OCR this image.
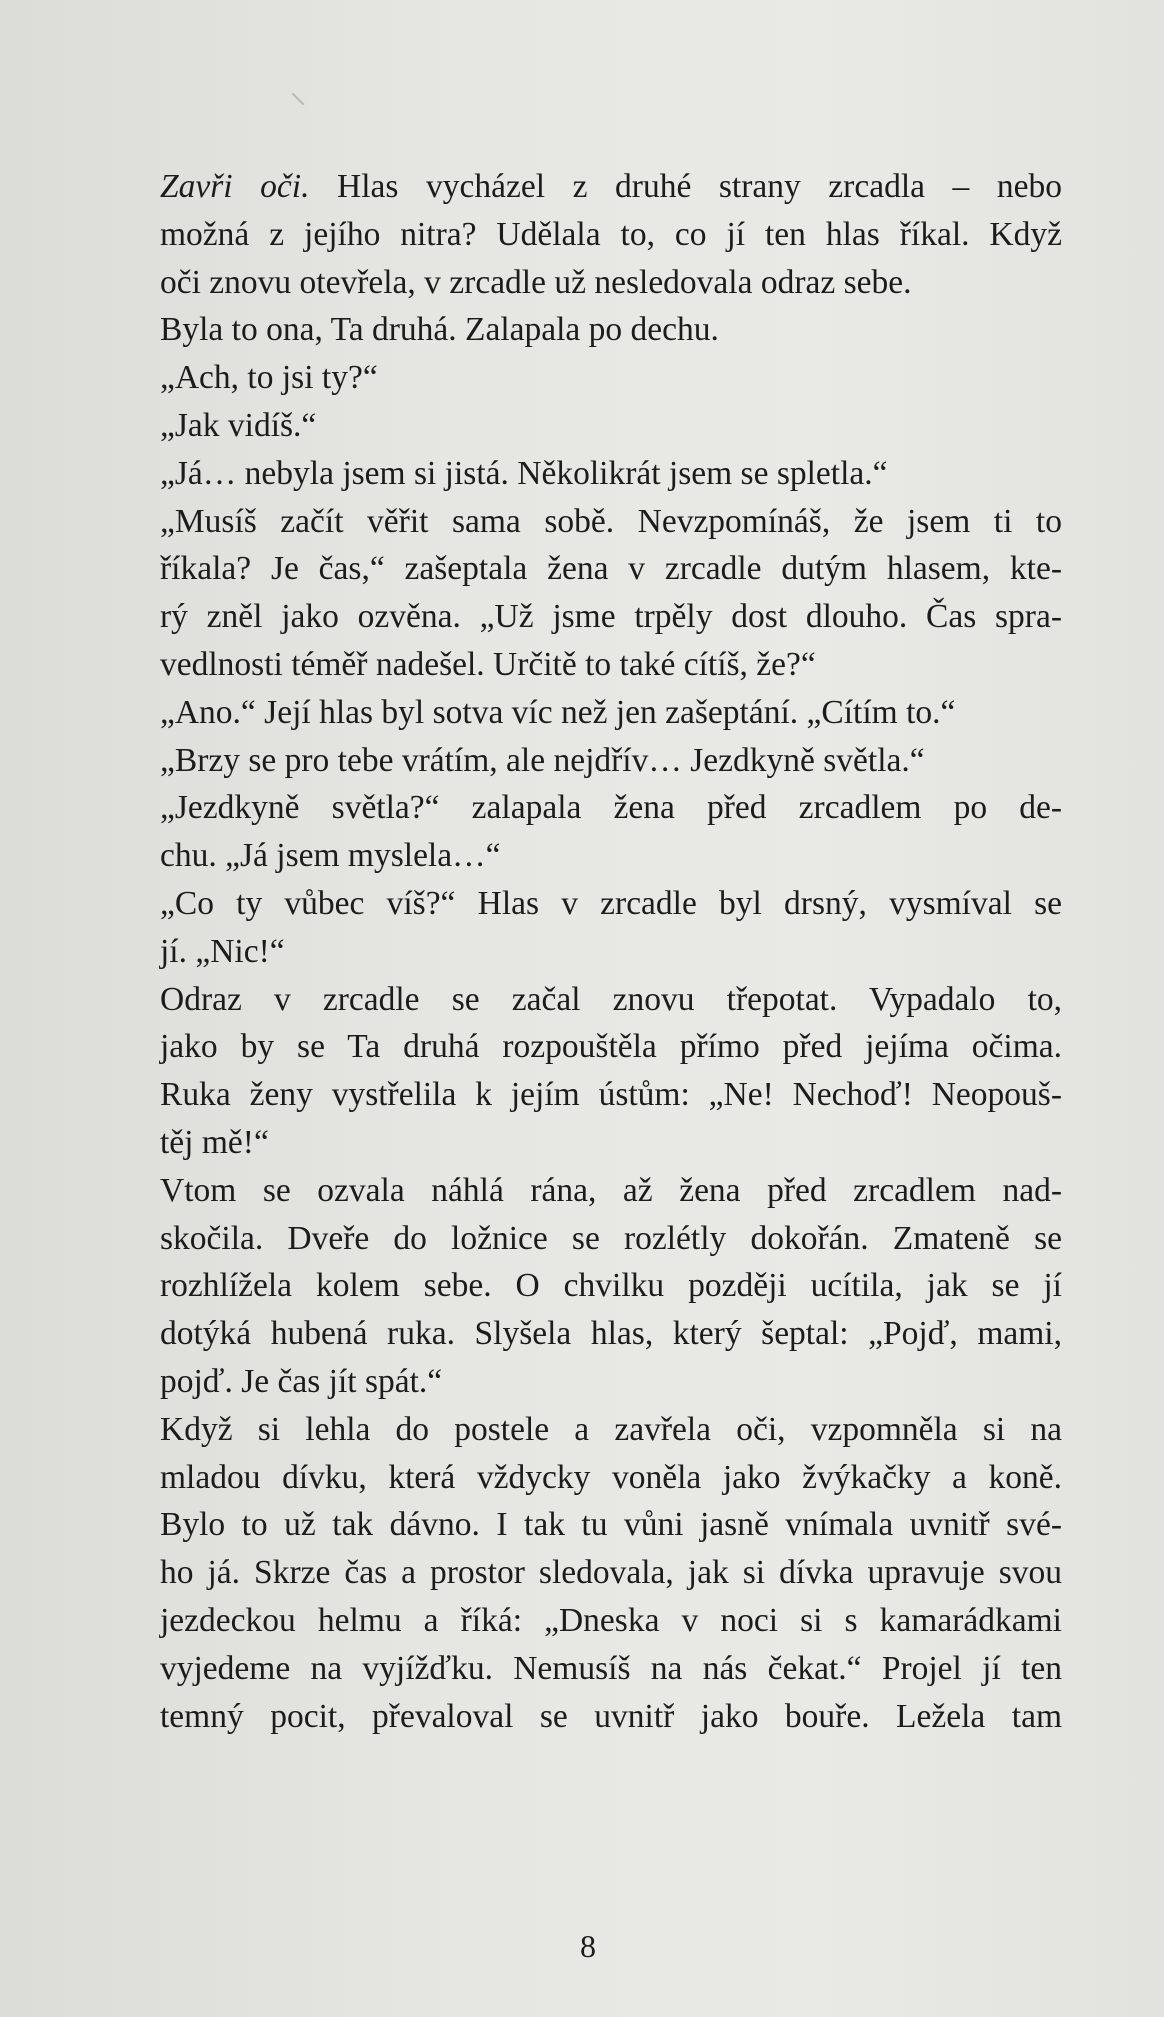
Zavři oči. Hlas vycházel z druhé strany zrcadla – nebo
možná z jejího nitra? Udělala to, co jí ten hlas říkal. Když
oči znovu otevřela, v zrcadle už nesledovala odraz sebe.
Byla to ona, Ta druhá. Zalapala po dechu.
„Ach, to jsi ty?“
„Jak vidíš.“
„Já… nebyla jsem si jistá. Několikrát jsem se spletla.“
„Musíš začít věřit sama sobě. Nevzpomínáš, že jsem ti to
říkala? Je čas,“ zašeptala žena v zrcadle dutým hlasem, kte-
rý zněl jako ozvěna. „Už jsme trpěly dost dlouho. Čas spra-
vedlnosti téměř nadešel. Určitě to také cítíš, že?“
„Ano.“ Její hlas byl sotva víc než jen zašeptání. „Cítím to.“
„Brzy se pro tebe vrátím, ale nejdřív… Jezdkyně světla.“
„Jezdkyně světla?“ zalapala žena před zrcadlem po de-
chu. „Já jsem myslela…“
„Co ty vůbec víš?“ Hlas v zrcadle byl drsný, vysmíval se
jí. „Nic!“
Odraz v zrcadle se začal znovu třepotat. Vypadalo to,
jako by se Ta druhá rozpouštěla přímo před jejíma očima.
Ruka ženy vystřelila k jejím ústům: „Ne! Nechoď! Neopouš-
těj mě!“
Vtom se ozvala náhlá rána, až žena před zrcadlem nad-
skočila. Dveře do ložnice se rozlétly dokořán. Zmateně se
rozhlížela kolem sebe. O chvilku později ucítila, jak se jí
dotýká hubená ruka. Slyšela hlas, který šeptal: „Pojď, mami,
pojď. Je čas jít spát.“
Když si lehla do postele a zavřela oči, vzpomněla si na
mladou dívku, která vždycky voněla jako žvýkačky a koně.
Bylo to už tak dávno. I tak tu vůni jasně vnímala uvnitř své-
ho já. Skrze čas a prostor sledovala, jak si dívka upravuje svou
jezdeckou helmu a říká: „Dneska v noci si s kamarádkami
vyjedeme na vyjížďku. Nemusíš na nás čekat.“ Projel jí ten
temný pocit, převaloval se uvnitř jako bouře. Ležela tam
8
